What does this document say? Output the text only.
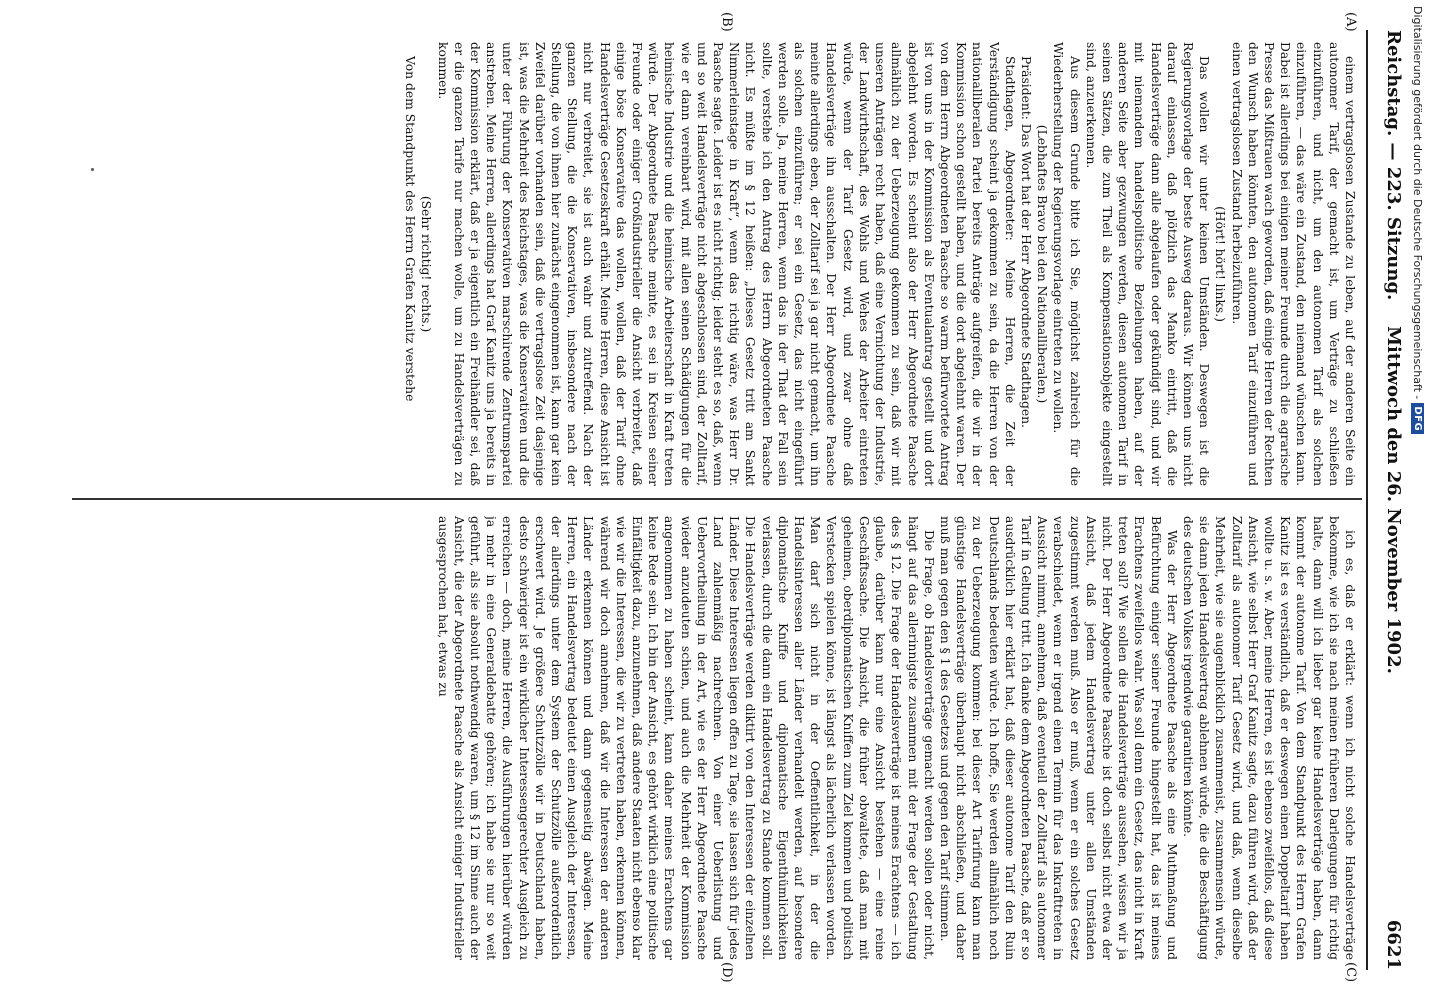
Reichstag. — 223. Sitzung.
Mittwoch den 26. November 1902.
6621
(A)
(B)
(C)
(D)

einem vertragslosen Zustande zu leben, auf der anderen Seite ein autonomer Tarif, der gemacht ist, um Verträge zu schließen einzuführen, und nicht, um den autonomen Tarif als solchen einzuführen, — das wäre ein Zustand, den niemand wünschen kann. Dabei ist allerdings bei einigen meiner Freunde durch die agrarische Presse das Mißtrauen wach geworden, daß einige Herren der Rechten den Wunsch haben könnten, den autonomen Tarif einzuführen und einen vertragslosen Zustand herbeizuführen.

(Hört! hört! links.)

Das wollen wir unter keinen Umständen. Deswegen ist die Regierungsvorlage der beste Ausweg daraus. Wir können uns nicht darauf einlassen, daß plötzlich das Manko eintritt, daß die Handelsverträge dann alle abgelaufen oder gekündigt sind, und wir mit niemandem handelspolitische Beziehungen haben, auf der anderen Seite aber gezwungen werden, diesen autonomen Tarif in seinen Sätzen, die zum Theil als Kompensationsobjekte eingestellt sind, anzuerkennen.

Aus diesem Grunde bitte ich Sie, möglichst zahlreich für die Wiederherstellung der Regierungsvorlage eintreten zu wollen.

(Lebhaftes Bravo bei den Nationalliberalen.)

Präsident: Das Wort hat der Herr Abgeordnete Stadthagen.

Stadthagen, Abgeordneter: Meine Herren, die Zeit der Verständigung scheint ja gekommen zu sein, da die Herren von der nationalliberalen Partei bereits Anträge aufgreifen, die wir in der Kommission schon gestellt haben, und die dort abgelehnt waren. Der von dem Herrn Abgeordneten Paasche so warm befürwortete Antrag ist von uns in der Kommission als Eventualantrag gestellt und dort abgelehnt worden. Es scheint also der Herr Abgeordnete Paasche allmählich zu der Ueberzeugung gekommen zu sein, daß wir mit unseren Anträgen recht haben, daß eine Vernichtung der Industrie, der Landwirthschaft, des Wohls und Wehes der Arbeiter eintreten würde, wenn der Tarif Gesetz wird, und zwar ohne daß Handelsverträge ihn ausschalten. Der Herr Abgeordnete Paasche meinte allerdings eben, der Zolltarif sei ja gar nicht gemacht, um ihn als solchen einzuführen; er sei ein Gesetz, das nicht eingeführt werden solle. Ja, meine Herren, wenn das in der That der Fall sein sollte, verstehe ich den Antrag des Herrn Abgeordneten Paasche nicht. Es müßte im § 12 heißen: „Dieses Gesetz tritt am Sankt Nimmerleinstage in Kraft“, wenn das richtig wäre, was Herr Dr. Paasche sagte. Leider ist es nicht richtig; leider steht es so, daß, wenn und so weit Handelsverträge nicht abgeschlossen sind, der Zolltarif, wie er dann vereinbart wird, mit allen seinen Schädigungen für die heimische Industrie und die heimische Arbeiterschaft in Kraft treten würde. Der Abgeordnete Paasche meinte, es sei in Kreisen seiner Freunde oder einiger Großindustrieller die Ansicht verbreitet, daß einige böse Konservative das wollen, wollen, daß der Tarif ohne Handelsverträge Gesetzeskraft erhält. Meine Herren, diese Ansicht ist nicht nur verbreitet, sie ist auch wahr und zutreffend. Nach der ganzen Stellung, die die Konservativen, insbesondere nach der Stellung, die von ihnen hier zunächst eingenommen ist, kann gar kein Zweifel darüber vorhanden sein, daß die vertragslose Zeit dasjenige ist, was die Mehrheit des Reichstages, was die Konservativen und die unter der Führung der Konservativen marschirende Zentrumspartei anstreben. Meine Herren, allerdings hat Graf Kanitz uns ja bereits in der Kommission erklärt, daß er ja eigentlich ein Freihändler sei, daß er die ganzen Tarife nur machen wolle, um zu Handelsverträgen zu kommen.

(Sehr richtig! rechts.)

Von dem Standpunkt des Herrn Grafen Kanitz verstehe

ich es, daß er erklärt: wenn ich nicht solche Handelsverträge bekomme, wie ich sie nach meinen früheren Darlegungen für richtig halte, dann will ich lieber gar keine Handelsverträge haben, dann kommt der autonome Tarif. Von dem Standpunkt des Herrn Grafen Kanitz ist es verständlich, daß er deswegen einen Doppeltarif haben wollte u. s. w. Aber, meine Herren, es ist ebenso zweifellos, daß diese Ansicht, wie selbst Herr Graf Kanitz sagte, dazu führen wird, daß der Zolltarif als autonomer Tarif Gesetz wird, und daß, wenn dieselbe Mehrheit, wie sie augenblicklich zusammenist, zusammensein würde, sie dann jeden Handelsvertrag ablehnen würde, die die Beschäftigung des deutschen Volkes irgendwie garantiren könnte.

Was der Herr Abgeordnete Paasche als eine Muthmaßung und Befürchtung einiger seiner Freunde hingestellt hat, das ist meines Erachtens zweifellos wahr. Was soll denn ein Gesetz, das nicht in Kraft treten soll? Wie sollen die Handelsverträge aussehen, wissen wir ja nicht. Der Herr Abgeordnete Paasche ist doch selbst nicht etwa der Ansicht, daß jedem Handelsvertrag unter allen Umständen zugestimmt werden muß. Also er muß, wenn er ein solches Gesetz verabschiedet, wenn er irgend einen Termin für das Inkrafttreten in Aussicht nimmt, annehmen, daß eventuell der Zolltarif als autonomer Tarif in Geltung tritt. Ich danke dem Abgeordneten Paasche, daß er so ausdrücklich hier erklärt hat, daß dieser autonome Tarif den Ruin Deutschlands bedeuten würde. Ich hoffe, Sie werden allmählich noch zu der Ueberzeugung kommen: bei dieser Art Tarifirung kann man günstige Handelsverträge überhaupt nicht abschließen, und daher muß man gegen den § 1 des Gesetzes und gegen den Tarif stimmen.

Die Frage, ob Handelsverträge gemacht werden sollen oder nicht, hängt auf das allerinnigste zusammen mit der Frage der Gestaltung des § 12. Die Frage der Handelsverträge ist meines Erachtens — ich glaube, darüber kann nur eine Ansicht bestehen — eine reine Geschäftssache. Die Ansicht, die früher obwaltete, daß man mit geheimen, oberdiplomatischen Kniffen zum Ziel kommen und politisch Verstecken spielen könne, ist längst als lächerlich verlassen worden. Man darf sich nicht in der Oeffentlichkeit, in der die Handelsinteressen aller Länder verhandelt werden, auf besondere diplomatische Kniffe und diplomatische Eigenthümlichkeiten verlassen, durch die dann ein Handelsvertrag zu Stande kommen soll. Die Handelsverträge werden diktirt von den Interessen der einzelnen Länder. Diese Interessen liegen offen zu Tage, sie lassen sich für jedes Land zahlenmäßig nachrechnen. Von einer Ueberlistung und Uebervortheilung in der Art, wie es der Herr Abgeordnete Paasche wieder anzudeuten schien, und auch die Mehrheit der Kommission angenommen zu haben scheint, kann daher meines Erachtens gar keine Rede sein. Ich bin der Ansicht, es gehört wirklich eine politische Einfältigkeit dazu, anzunehmen, daß andere Staaten nicht ebenso klar wie wir die Interessen, die wir zu vertreten haben, erkennen können, während wir doch annehmen, daß wir die Interessen der anderen Länder erkennen können und dann gegenseitig abwägen. Meine Herren, ein Handelsvertrag bedeutet einen Ausgleich der Interessen, der allerdings unter dem System der Schutzzölle außerordentlich erschwert wird. Je größere Schutzzölle wir in Deutschland haben, desto schwieriger ist ein wirklicher Interessengerechter Ausgleich zu erreichen — doch, meine Herren, die Ausführungen hierüber würden ja mehr in eine Generaldebatte gehören; ich habe sie nur so weit geführt, als sie absolut nothwendig waren, um § 12 im Sinne auch der Ansicht, die der Abgeordnete Paasche als Ansicht einiger Industrieller ausgesprochen hat, etwas zu

Digitalisierung gefördert durch die Deutsche Forschungsgemeinschaft -
DFG
